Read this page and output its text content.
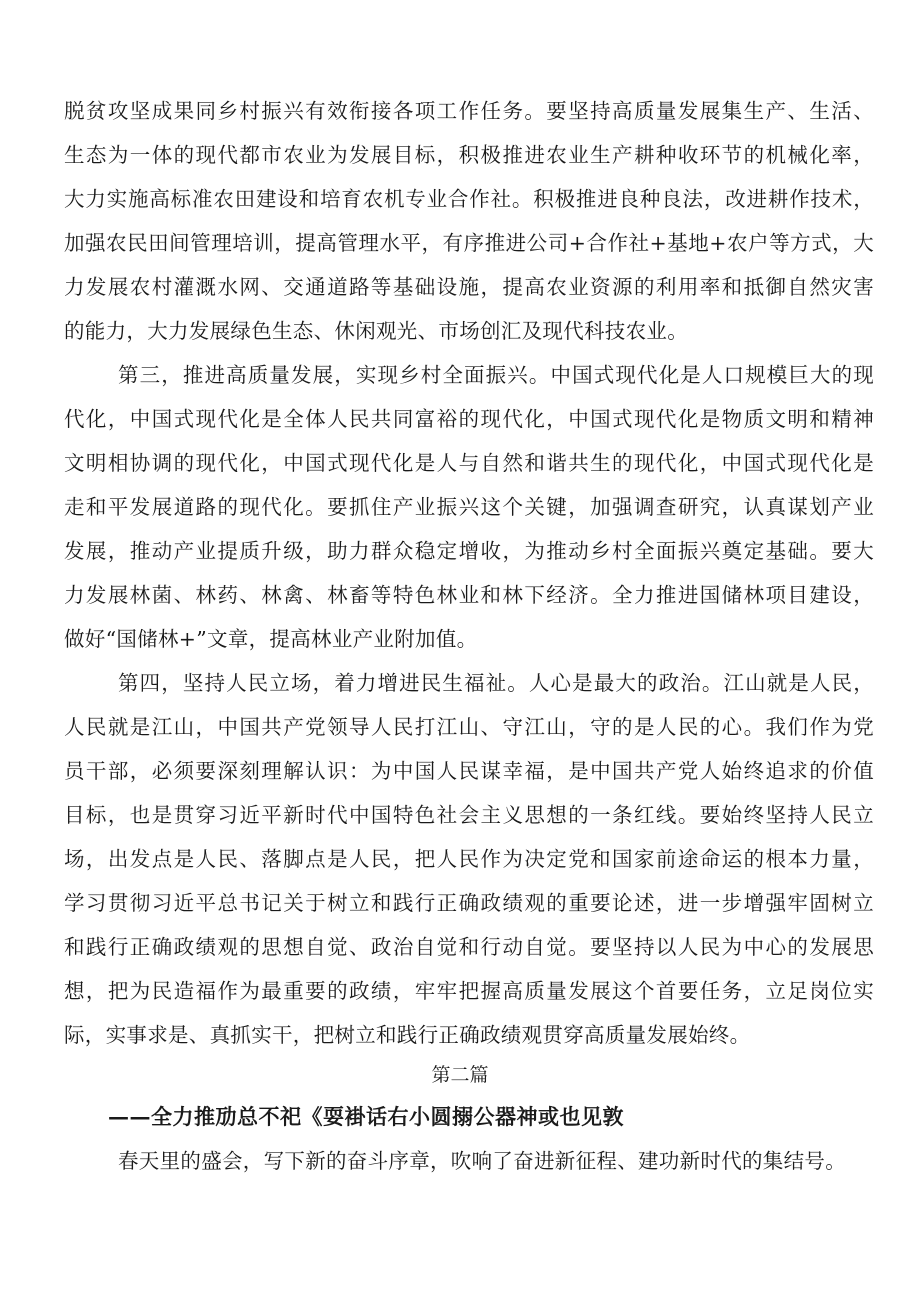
脱贫攻坚成果同乡村振兴有效衔接各项工作任务。要坚持高质量发展集生产、生活、
生态为一体的现代都市农业为发展目标，积极推进农业生产耕种收环节的机械化率，
大力实施高标准农田建设和培育农机专业合作社。积极推进良种良法，改进耕作技术，
加强农民田间管理培训，提高管理水平，有序推进公司+合作社+基地+农户等方式，大
力发展农村灌溉水网、交通道路等基础设施，提高农业资源的利用率和抵御自然灾害
的能力，大力发展绿色生态、休闲观光、市场创汇及现代科技农业。
第三，推进高质量发展，实现乡村全面振兴。中国式现代化是人口规模巨大的现
代化，中国式现代化是全体人民共同富裕的现代化，中国式现代化是物质文明和精神
文明相协调的现代化，中国式现代化是人与自然和谐共生的现代化，中国式现代化是
走和平发展道路的现代化。要抓住产业振兴这个关键，加强调查研究，认真谋划产业
发展，推动产业提质升级，助力群众稳定增收，为推动乡村全面振兴奠定基础。要大
力发展林菌、林药、林禽、林畜等特色林业和林下经济。全力推进国储林项目建设，
做好“国储林+”文章，提高林业产业附加值。
第四，坚持人民立场，着力增进民生福祉。人心是最大的政治。江山就是人民，
人民就是江山，中国共产党领导人民打江山、守江山，守的是人民的心。我们作为党
员干部，必须要深刻理解认识：为中国人民谋幸福，是中国共产党人始终追求的价值
目标，也是贯穿习近平新时代中国特色社会主义思想的一条红线。要始终坚持人民立
场，出发点是人民、落脚点是人民，把人民作为决定党和国家前途命运的根本力量，
学习贯彻习近平总书记关于树立和践行正确政绩观的重要论述，进一步增强牢固树立
和践行正确政绩观的思想自觉、政治自觉和行动自觉。要坚持以人民为中心的发展思
想，把为民造福作为最重要的政绩，牢牢把握高质量发展这个首要任务，立足岗位实
际，实事求是、真抓实干，把树立和践行正确政绩观贯穿高质量发展始终。
第二篇
——全力推劢总不祀《耍褂话右小圆搦公器神或也见敦
春天里的盛会，写下新的奋斗序章，吹响了奋进新征程、建功新时代的集结号。
